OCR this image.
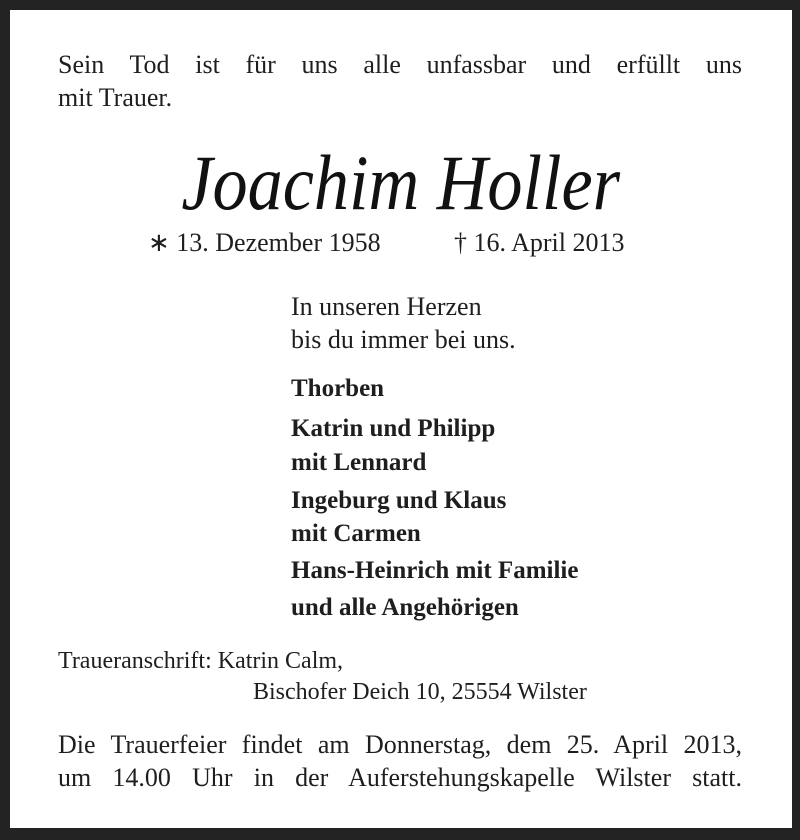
Sein Tod ist für uns alle unfassbar und erfüllt uns
mit Trauer.
Joachim Holler
∗ 13. Dezember 1958	† 16. April 2013
In unseren Herzen
bis du immer bei uns.
Thorben
Katrin und Philipp
mit Lennard
Ingeburg und Klaus
mit Carmen
Hans-Heinrich mit Familie
und alle Angehörigen
Traueranschrift: Katrin Calm,
Bischofer Deich 10, 25554 Wilster
Die Trauerfeier findet am Donnerstag, dem 25. April 2013,
um 14.00 Uhr in der Auferstehungskapelle Wilster statt.
